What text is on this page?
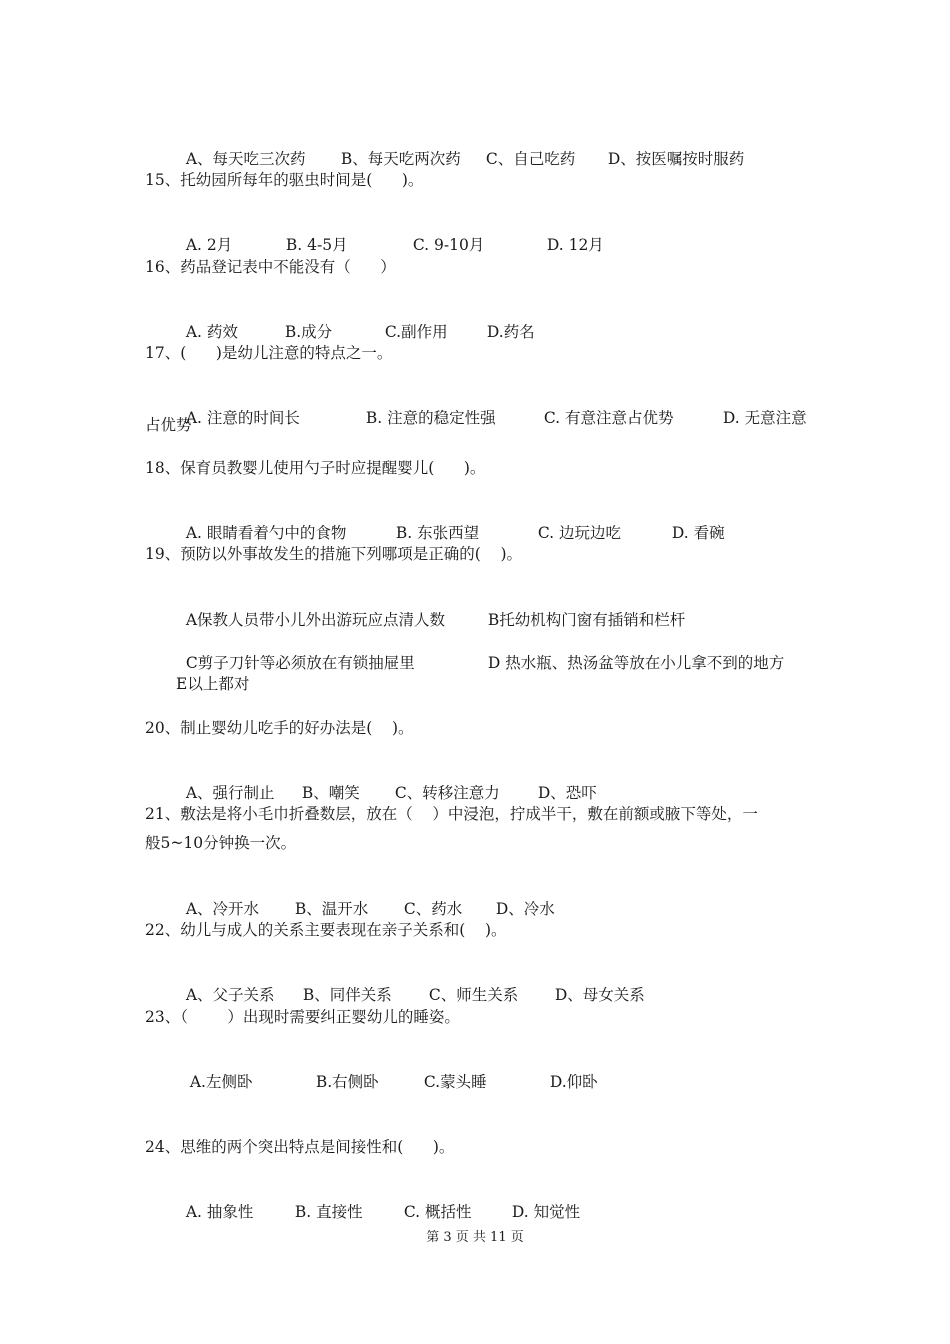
A、每天吃三次药 B、每天吃两次药 C、自己吃药 D、按医嘱按时服药

15、托幼园所每年的驱虫时间是(      )。

A. 2月	B. 4-5月	C. 9-10月	D. 12月

16、药品登记表中不能没有（      ）

A. 药效	B.成分	C.副作用	D.药名

17、(      )是幼儿注意的特点之一。

A. 注意的时间长	B. 注意的稳定性强	C. 有意注意占优势	D. 无意注意

占优势
18、保育员教婴儿使用勺子时应提醒婴儿(      )。

A. 眼睛看着勺中的食物	B. 东张西望	C. 边玩边吃	D. 看碗

19、预防以外事故发生的措施下列哪项是正确的(    )。

A保教人员带小儿外出游玩应点清人数	B托幼机构门窗有插销和栏杆

C剪子刀针等必须放在有锁抽屉里	D 热水瓶、热汤盆等放在小儿拿不到的地方

E以上都对
20、制止婴幼儿吃手的好办法是(    )。

A、强行制止 B、嘲笑 C、转移注意力 D、恐吓

21、敷法是将小毛巾折叠数层，放在（    ）中浸泡，拧成半干，敷在前额或腋下等处，一
般5~10分钟换一次。

A、冷开水 B、温开水 C、药水 D、冷水

22、幼儿与成人的关系主要表现在亲子关系和(    )。

A、父子关系 B、同伴关系 C、师生关系 D、母女关系

23、（        ）出现时需要纠正婴幼儿的睡姿。

A.左侧卧	B.右侧卧	C.蒙头睡	D.仰卧

24、思维的两个突出特点是间接性和(      )。

A. 抽象性	B. 直接性	C. 概括性	D. 知觉性

第 3 页 共 11 页
